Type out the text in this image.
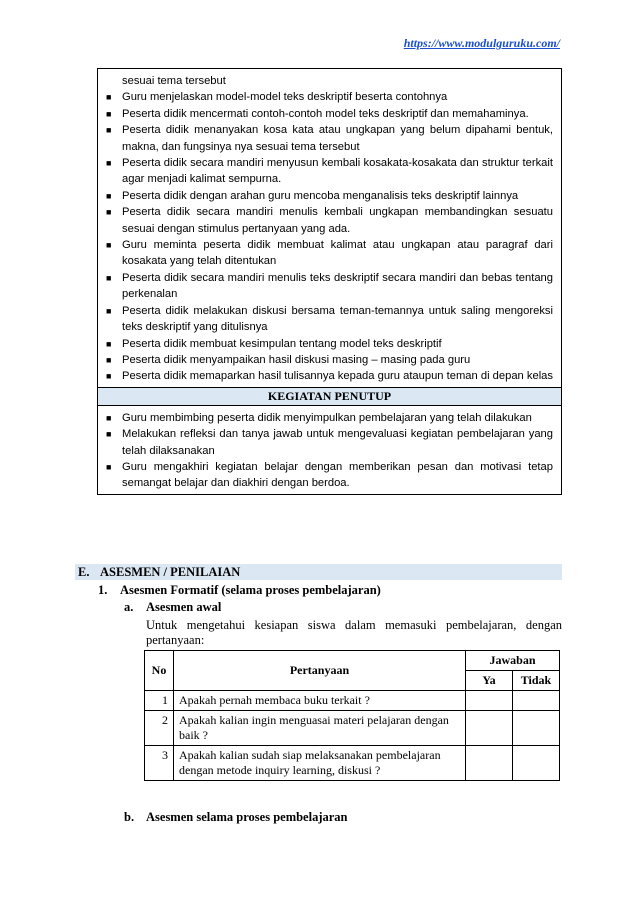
https://www.modulguruku.com/
sesuai tema tersebut
■ Guru menjelaskan model-model teks deskriptif beserta contohnya
■ Peserta didik mencermati contoh-contoh model teks deskriptif dan memahaminya.
■ Peserta didik menanyakan kosa kata atau ungkapan yang belum dipahami bentuk, makna, dan fungsinya nya sesuai tema tersebut
■ Peserta didik secara mandiri menyusun kembali kosakata-kosakata dan struktur terkait agar menjadi kalimat sempurna.
■ Peserta didik dengan arahan guru mencoba menganalisis teks deskriptif lainnya
■ Peserta didik secara mandiri menulis kembali ungkapan membandingkan sesuatu sesuai dengan stimulus pertanyaan yang ada.
■ Guru meminta peserta didik membuat kalimat atau ungkapan atau paragraf dari kosakata yang telah ditentukan
■ Peserta didik secara mandiri menulis teks deskriptif secara mandiri dan bebas tentang perkenalan
■ Peserta didik melakukan diskusi bersama teman-temannya untuk saling mengoreksi teks deskriptif yang ditulisnya
■ Peserta didik membuat kesimpulan tentang model teks deskriptif
■ Peserta didik menyampaikan hasil diskusi masing – masing pada guru
■ Peserta didik memaparkan hasil tulisannya kepada guru ataupun teman di depan kelas
KEGIATAN PENUTUP
■ Guru membimbing peserta didik menyimpulkan pembelajaran yang telah dilakukan
■ Melakukan refleksi dan tanya jawab untuk mengevaluasi kegiatan pembelajaran yang telah dilaksanakan
■ Guru mengakhiri kegiatan belajar dengan memberikan pesan dan motivasi tetap semangat belajar dan diakhiri dengan berdoa.
E. ASESMEN / PENILAIAN
1. Asesmen Formatif (selama proses pembelajaran)
a. Asesmen awal
Untuk mengetahui kesiapan siswa dalam memasuki pembelajaran, dengan pertanyaan:
No	Pertanyaan	Jawaban	
		Ya	Tidak
1	Apakah pernah membaca buku terkait ?		
2	Apakah kalian ingin menguasai materi pelajaran dengan baik ?		
3	Apakah kalian sudah siap melaksanakan pembelajaran dengan metode inquiry learning, diskusi ?		
b. Asesmen selama proses pembelajaran
